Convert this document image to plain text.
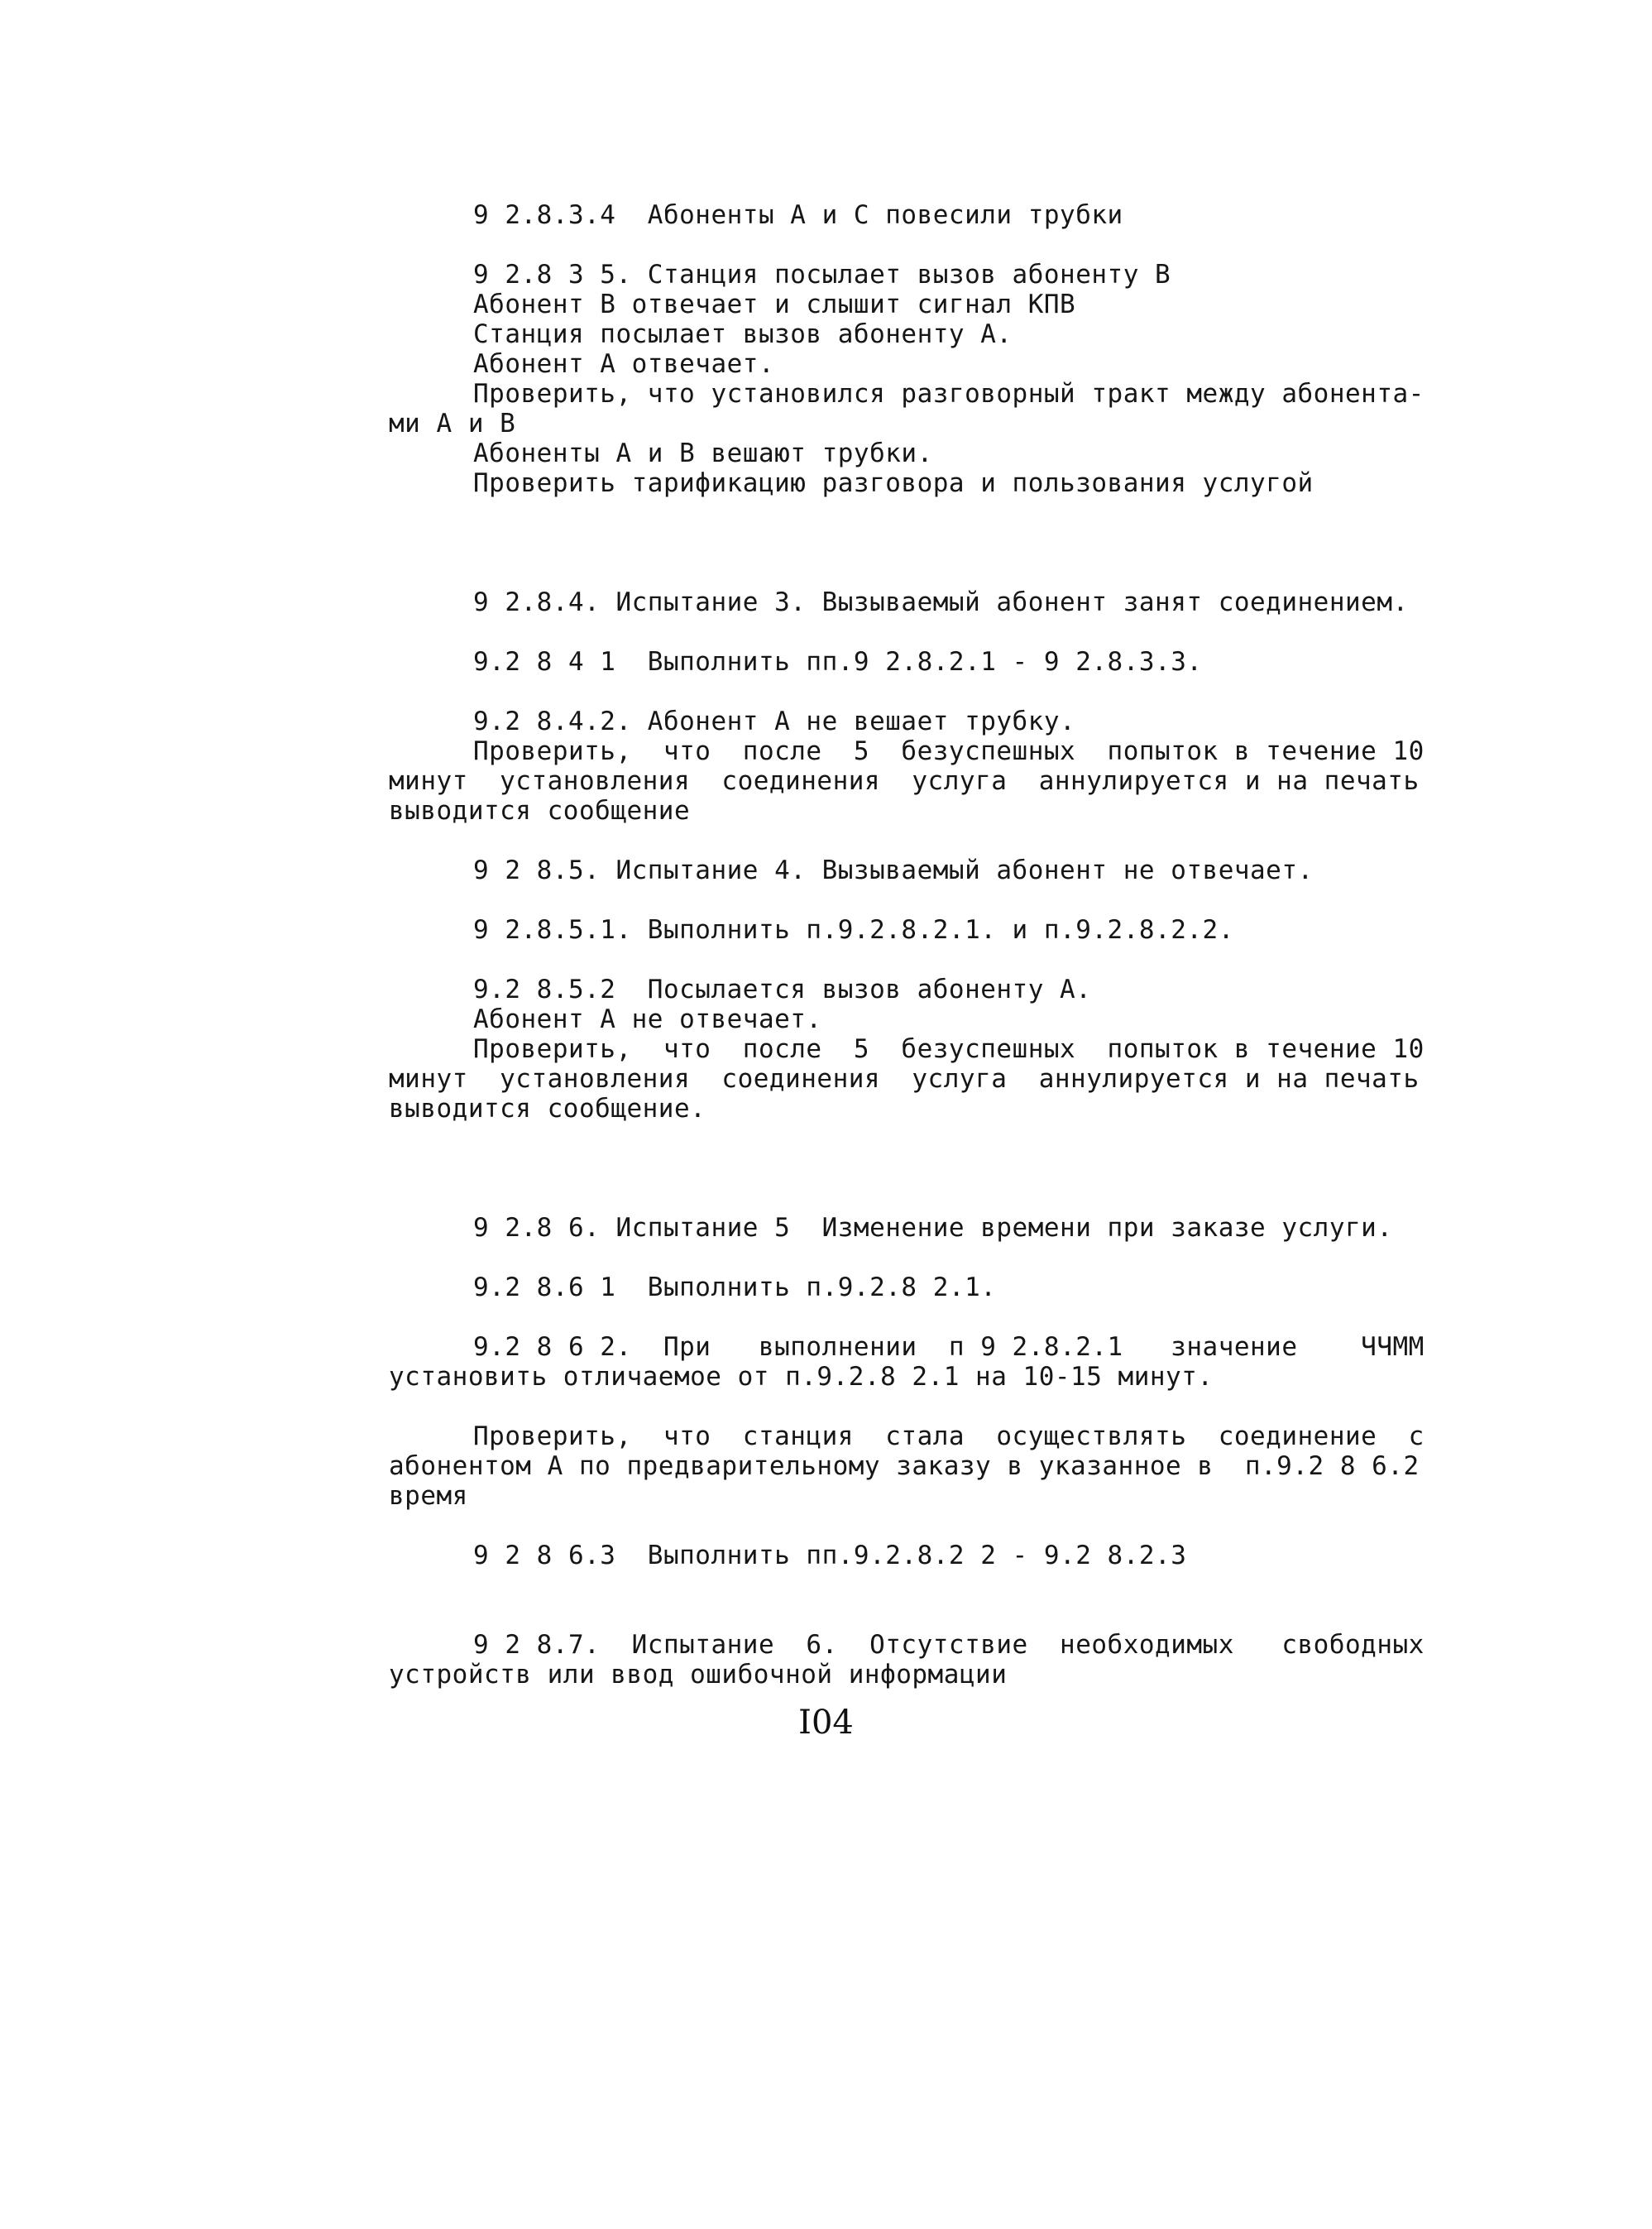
9 2.8.3.4  Абоненты А и С повесили трубки
9 2.8 3 5. Станция посылает вызов абоненту В
Абонент В отвечает и слышит сигнал КПВ
Станция посылает вызов абоненту А.
Абонент А отвечает.
Проверить, что установился разговорный тракт между абонента-
ми А и В
Абоненты А и В вешают трубки.
Проверить тарификацию разговора и пользования услугой
9 2.8.4. Испытание 3. Вызываемый абонент занят соединением.
9.2 8 4 1  Выполнить пп.9 2.8.2.1 - 9 2.8.3.3.
9.2 8.4.2. Абонент А не вешает трубку.
Проверить,  что  после  5  безуспешных  попыток в течение 10
минут  установления  соединения  услуга  аннулируется и на печать
выводится сообщение
9 2 8.5. Испытание 4. Вызываемый абонент не отвечает.
9 2.8.5.1. Выполнить п.9.2.8.2.1. и п.9.2.8.2.2.
9.2 8.5.2  Посылается вызов абоненту А.
Абонент А не отвечает.
Проверить,  что  после  5  безуспешных  попыток в течение 10
минут  установления  соединения  услуга  аннулируется и на печать
выводится сообщение.
9 2.8 6. Испытание 5  Изменение времени при заказе услуги.
9.2 8.6 1  Выполнить п.9.2.8 2.1.
9.2 8 6 2.  При   выполнении  п 9 2.8.2.1   значение    ЧЧММ
установить отличаемое от п.9.2.8 2.1 на 10-15 минут.
Проверить,  что  станция  стала  осуществлять  соединение  с
абонентом А по предварительному заказу в указанное в  п.9.2 8 6.2
время
9 2 8 6.3  Выполнить пп.9.2.8.2 2 - 9.2 8.2.3
9 2 8.7.  Испытание  6.  Отсутствие  необходимых   свободных
устройств или ввод ошибочной информации
I04
